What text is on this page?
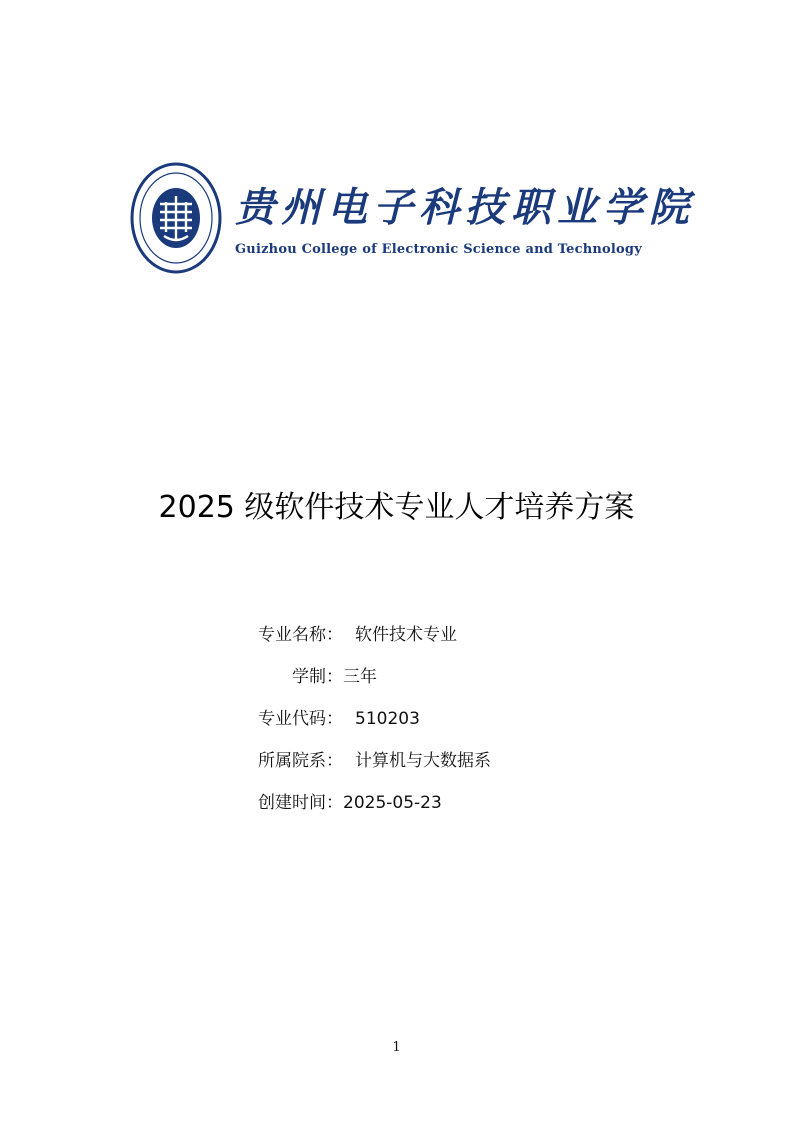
贵州电子科技职业学院
Guizhou College of Electronic Science and Technology
2025 级软件技术专业人才培养方案
专业名称： 软件技术专业
学制：三年
专业代码： 510203
所属院系： 计算机与大数据系
创建时间：2025-05-23
1
